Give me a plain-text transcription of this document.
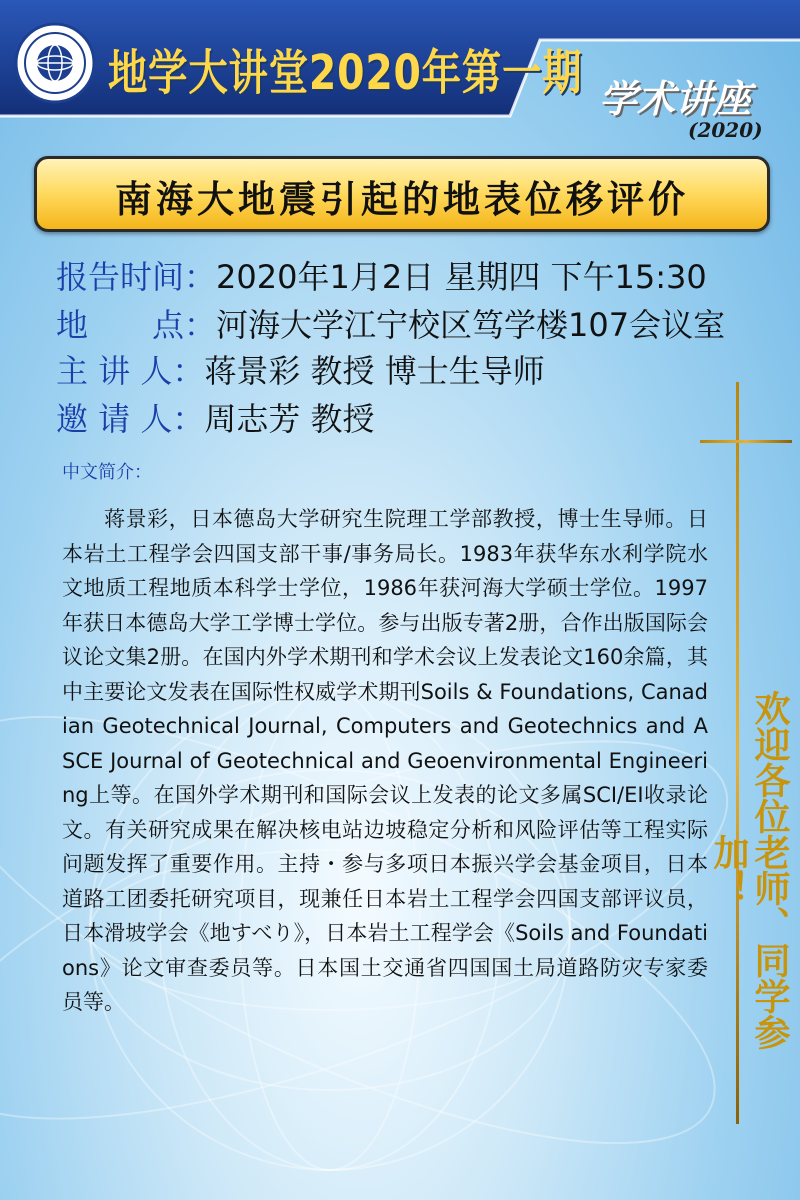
地学大讲堂2020年第一期 学术讲座
(2020)
南海大地震引起的地表位移评价
报告时间：2020年1月2日 星期四 下午15:30
地　　点：河海大学江宁校区笃学楼107会议室
主 讲 人：蒋景彩 教授 博士生导师
邀 请 人：周志芳 教授
中文简介：
蒋景彩，日本德岛大学研究生院理工学部教授，博士生导师。日本岩土工程学会四国支部干事/事务局长。1983年获华东水利学院水文地质工程地质本科学士学位，1986年获河海大学硕士学位。1997年获日本德岛大学工学博士学位。参与出版专著2册，合作出版国际会议论文集2册。在国内外学术期刊和学术会议上发表论文160余篇，其中主要论文发表在国际性权威学术期刊Soils & Foundations, Canadian Geotechnical Journal, Computers and Geotechnics and ASCE Journal of Geotechnical and Geoenvironmental Engineering上等。在国外学术期刊和国际会议上发表的论文多属SCI/EI收录论文。有关研究成果在解决核电站边坡稳定分析和风险评估等工程实际问题发挥了重要作用。主持・参与多项日本振兴学会基金项目，日本道路工团委托研究项目，现兼任日本岩土工程学会四国支部评议员，日本滑坡学会《地すべり》，日本岩土工程学会《Soils and Foundations》论文审查委员等。日本国土交通省四国国土局道路防灾专家委员等。	欢迎各位老师、同学参加！
